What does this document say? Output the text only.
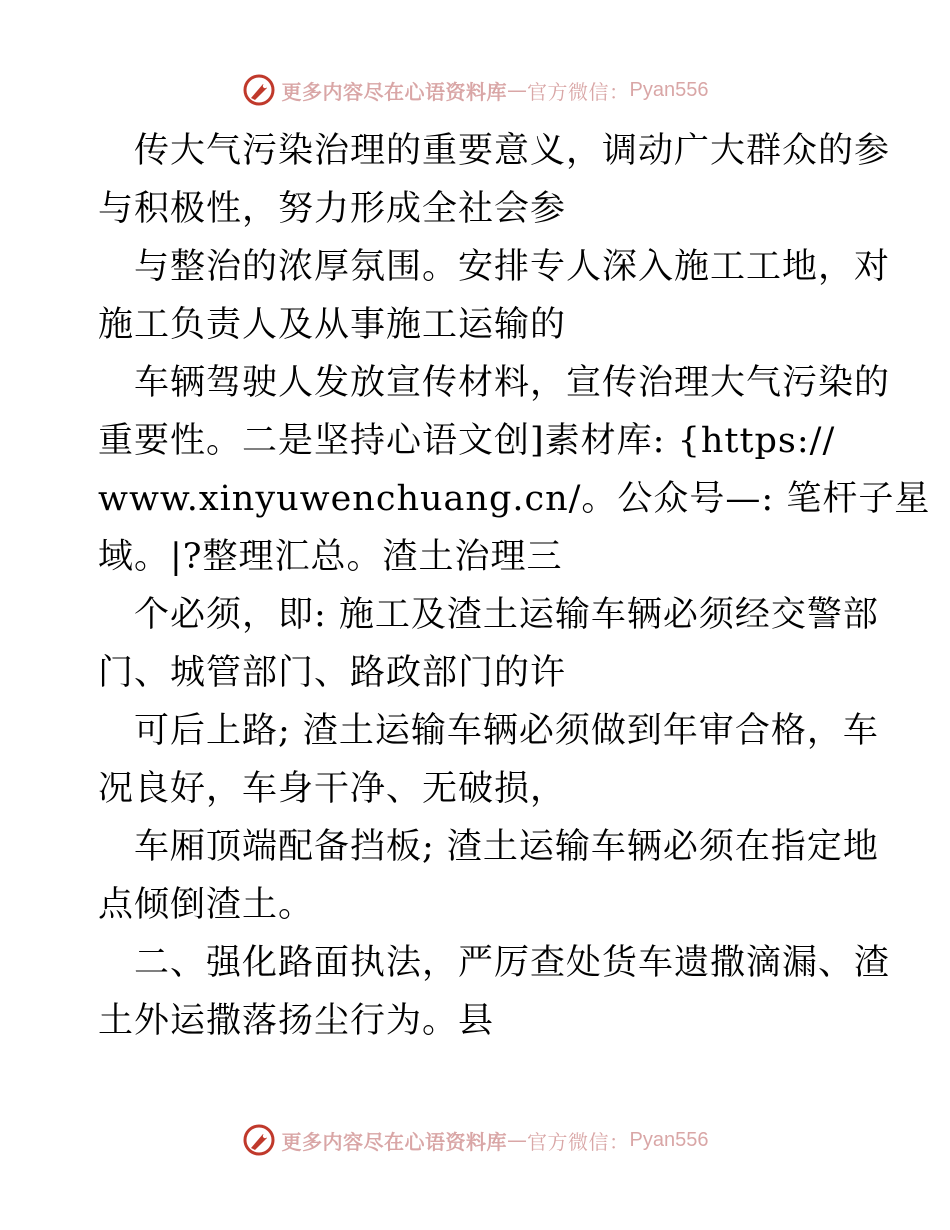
更多内容尽在心语资料库 — 官方微信： Pyan556
传大气污染治理的重要意义，调动广大群众的参
与积极性，努力形成全社会参
与整治的浓厚氛围。安排专人深入施工工地，对
施工负责人及从事施工运输的
车辆驾驶人发放宣传材料，宣传治理大气污染的
重要性。二是坚持心语文创]素材库: {https://
www.xinyuwenchuang.cn/。公众号—: 笔杆子星
域。|?整理汇总。渣土治理三
个必须，即: 施工及渣土运输车辆必须经交警部
门、城管部门、路政部门的许
可后上路; 渣土运输车辆必须做到年审合格，车
况良好，车身干净、无破损，
车厢顶端配备挡板; 渣土运输车辆必须在指定地
点倾倒渣土。
二、强化路面执法，严厉查处货车遗撒滴漏、渣
土外运撒落扬尘行为。县
更多内容尽在心语资料库 — 官方微信： Pyan556
